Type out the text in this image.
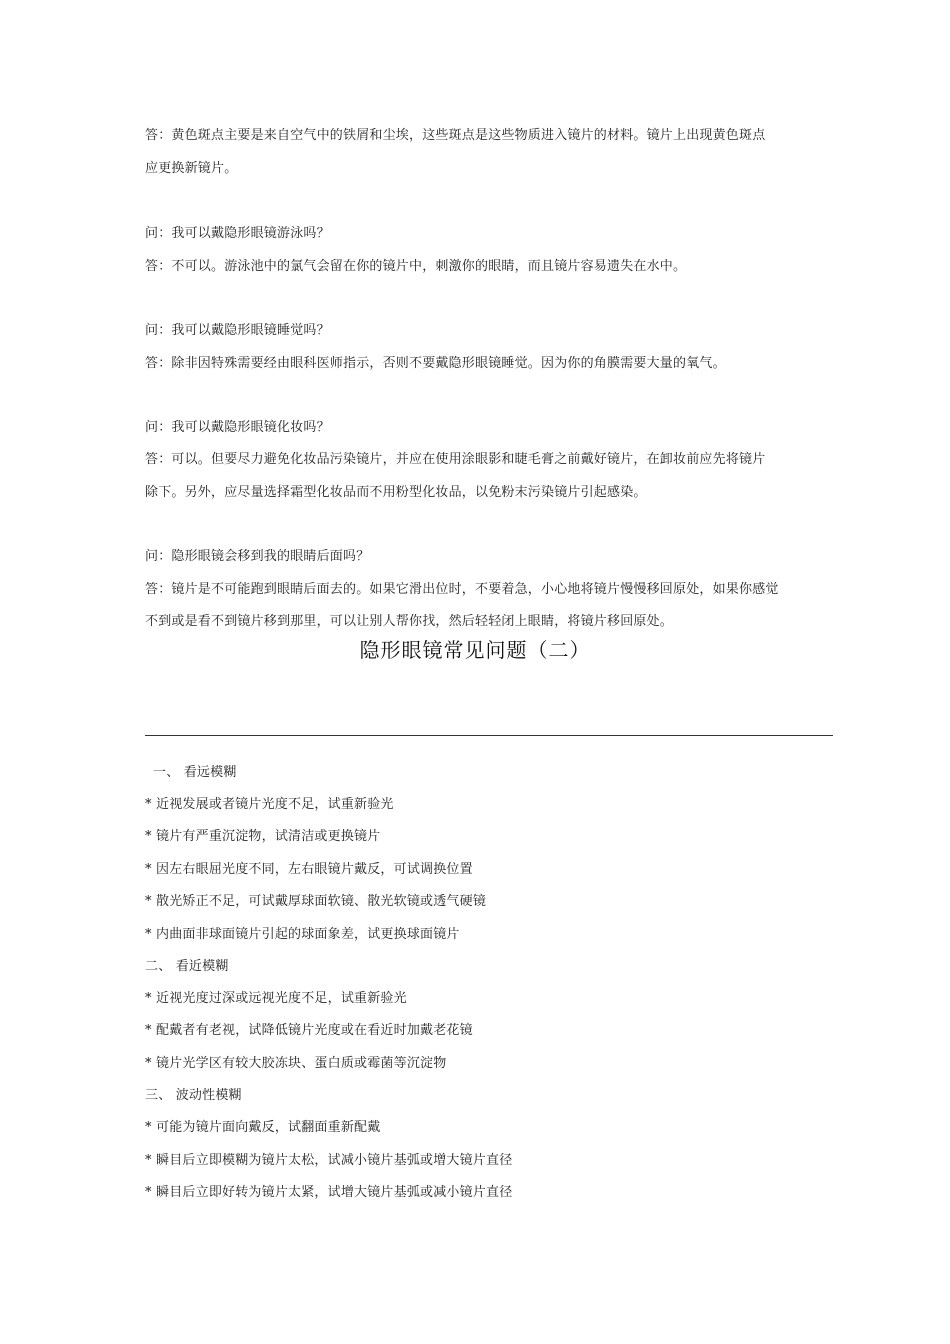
答：黄色斑点主要是来自空气中的铁屑和尘埃，这些斑点是这些物质进入镜片的材料。镜片上出现黄色斑点
应更换新镜片。
问：我可以戴隐形眼镜游泳吗？
答：不可以。游泳池中的氯气会留在你的镜片中，刺激你的眼睛，而且镜片容易遗失在水中。
问：我可以戴隐形眼镜睡觉吗？
答：除非因特殊需要经由眼科医师指示，否则不要戴隐形眼镜睡觉。因为你的角膜需要大量的氧气。
问：我可以戴隐形眼镜化妆吗？
答：可以。但要尽力避免化妆品污染镜片，并应在使用涂眼影和睫毛膏之前戴好镜片，在卸妆前应先将镜片
除下。另外，应尽量选择霜型化妆品而不用粉型化妆品，以免粉末污染镜片引起感染。
问：隐形眼镜会移到我的眼睛后面吗？
答：镜片是不可能跑到眼睛后面去的。如果它滑出位时，不要着急，小心地将镜片慢慢移回原处，如果你感觉
不到或是看不到镜片移到那里，可以让别人帮你找，然后轻轻闭上眼睛，将镜片移回原处。
隐形眼镜常见问题（二）
一、 看远模糊
* 近视发展或者镜片光度不足，试重新验光
* 镜片有严重沉淀物，试清洁或更换镜片
* 因左右眼屈光度不同，左右眼镜片戴反，可试调换位置
* 散光矫正不足，可试戴厚球面软镜、散光软镜或透气硬镜
* 内曲面非球面镜片引起的球面象差，试更换球面镜片
二、 看近模糊
* 近视光度过深或远视光度不足，试重新验光
* 配戴者有老视，试降低镜片光度或在看近时加戴老花镜
* 镜片光学区有较大胶冻块、蛋白质或霉菌等沉淀物
三、 波动性模糊
* 可能为镜片面向戴反，试翻面重新配戴
* 瞬目后立即模糊为镜片太松，试减小镜片基弧或增大镜片直径
* 瞬目后立即好转为镜片太紧，试增大镜片基弧或减小镜片直径
